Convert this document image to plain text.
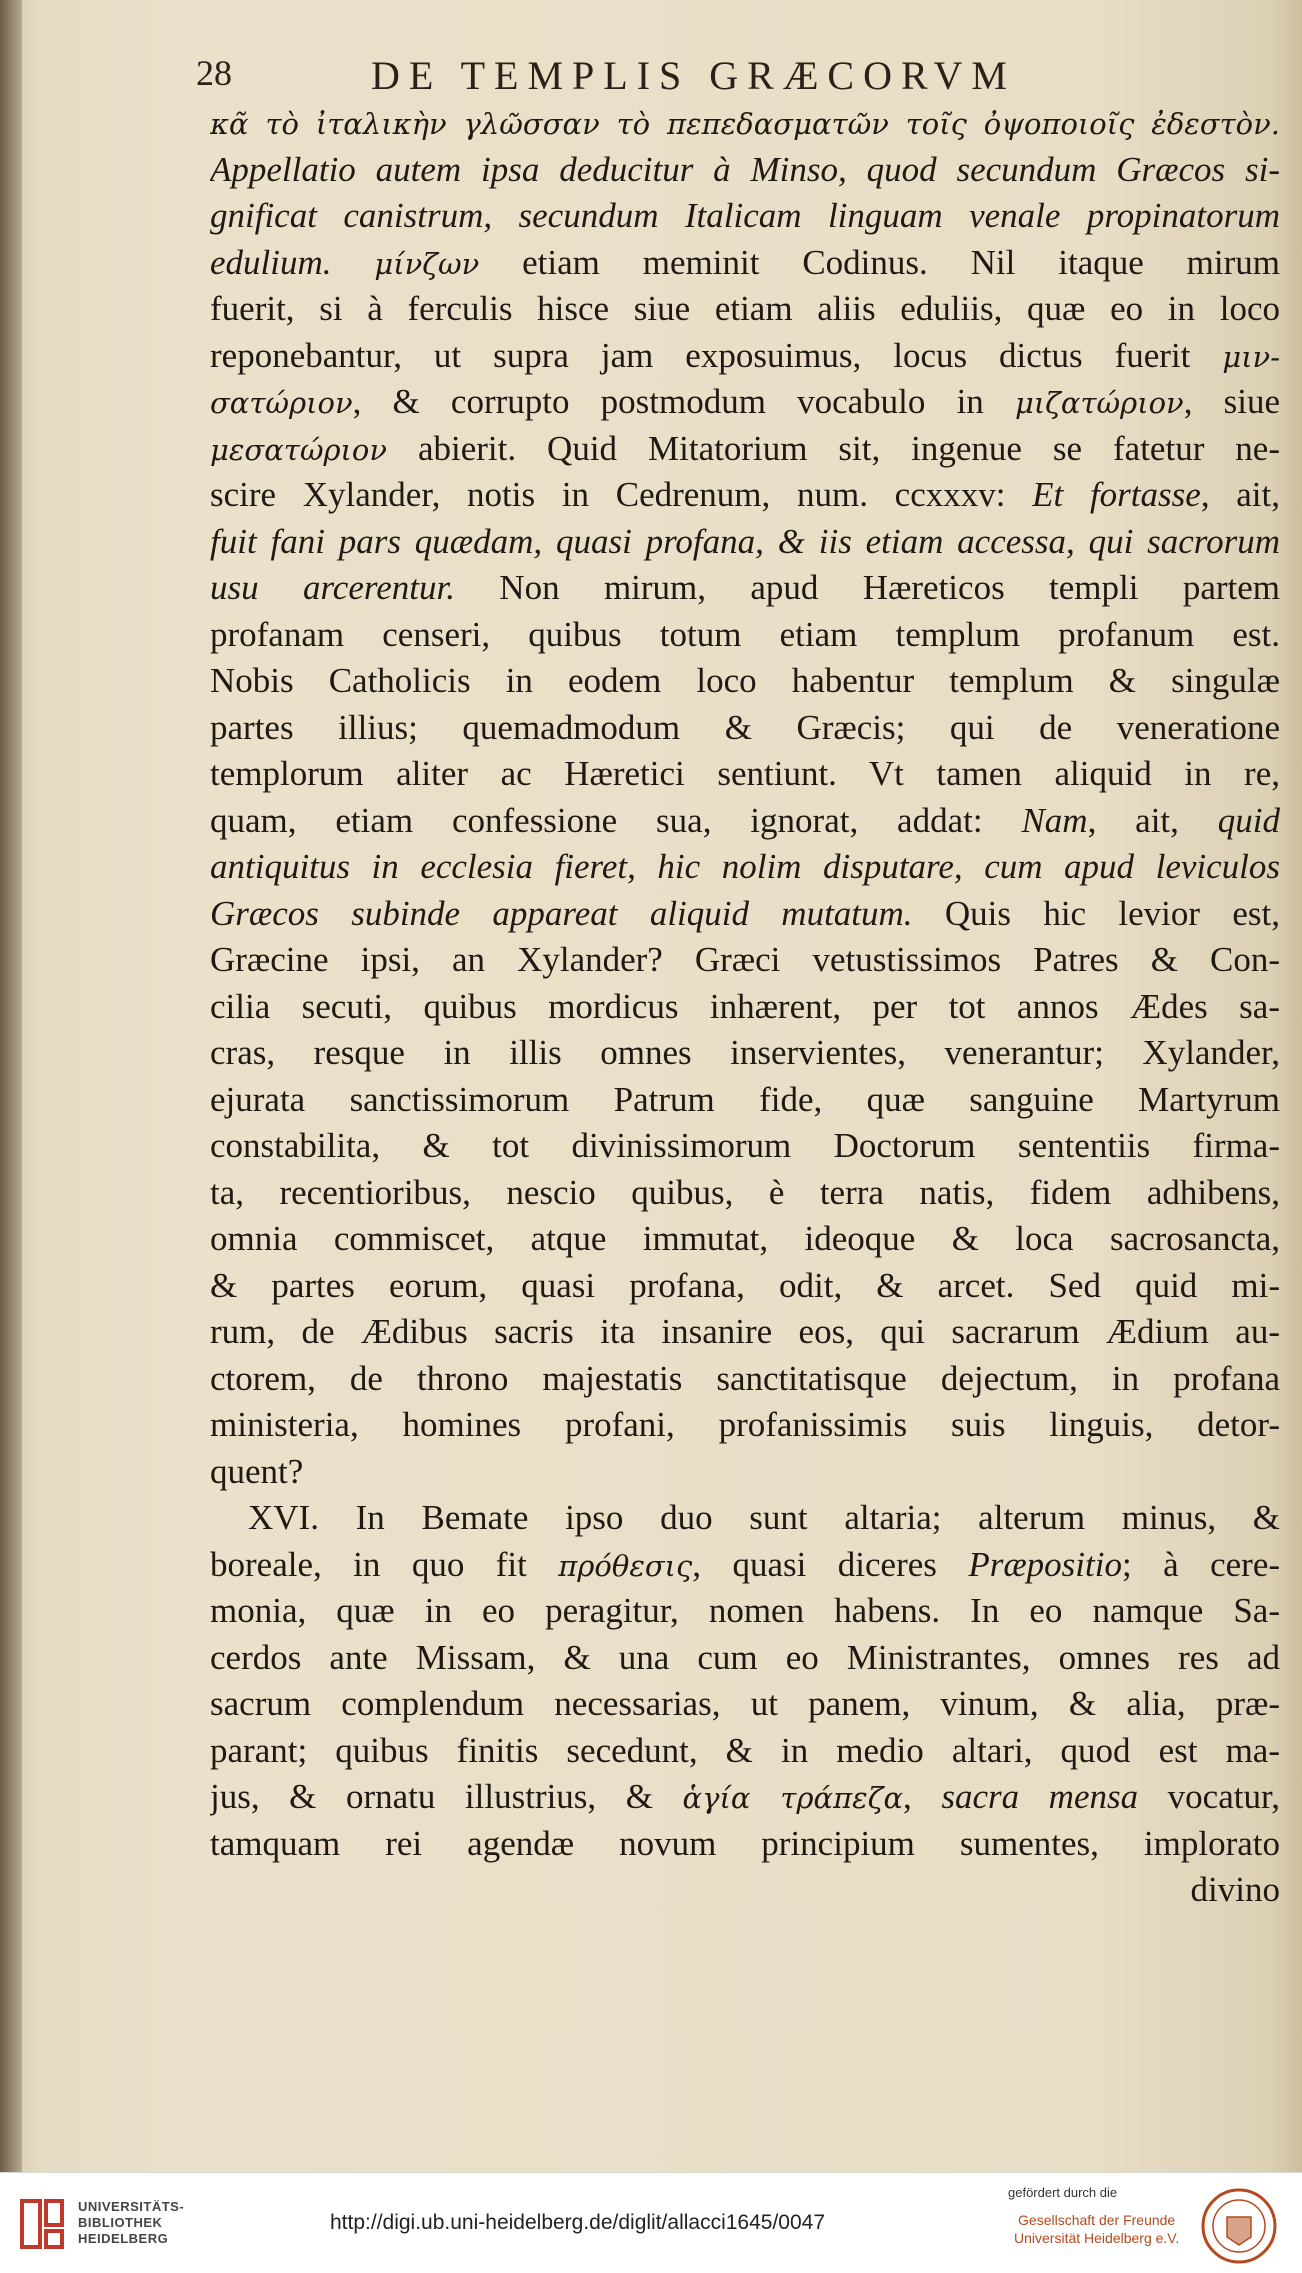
28	DE TEMPLIS GRÆCORVM
κᾶ τὸ ἰταλικὴν γλῶσσαν τὸ πεπεδασματῶν τοῖς ὀψοποιοῖς ἐδεστὸν.
Appellatio autem ipsa deducitur à Minso, quod secundum Græcos si-
gnificat canistrum, secundum Italicam linguam venale propinatorum
edulium. μίνζων etiam meminit Codinus. Nil itaque mirum
fuerit, si à ferculis hisce siue etiam aliis eduliis, quæ eo in loco
reponebantur, ut supra jam exposuimus, locus dictus fuerit μιν-
σατώριον, & corrupto postmodum vocabulo in μιζατώριον, siue
μεσατώριον abierit. Quid Mitatorium sit, ingenue se fatetur ne-
scire Xylander, notis in Cedrenum, num. ccxxxv: Et fortasse, ait,
fuit fani pars quædam, quasi profana, & iis etiam accessa, qui sacrorum
usu arcerentur. Non mirum, apud Hæreticos templi partem
profanam censeri, quibus totum etiam templum profanum est.
Nobis Catholicis in eodem loco habentur templum & singulæ
partes illius; quemadmodum & Græcis; qui de veneratione
templorum aliter ac Hæretici sentiunt. Vt tamen aliquid in re,
quam, etiam confessione sua, ignorat, addat: Nam, ait, quid
antiquitus in ecclesia fieret, hic nolim disputare, cum apud leviculos
Græcos subinde appareat aliquid mutatum. Quis hic levior est,
Græcine ipsi, an Xylander? Græci vetustissimos Patres & Con-
cilia secuti, quibus mordicus inhærent, per tot annos Ædes sa-
cras, resque in illis omnes inservientes, venerantur; Xylander,
ejurata sanctissimorum Patrum fide, quæ sanguine Martyrum
constabilita, & tot divinissimorum Doctorum sententiis firma-
ta, recentioribus, nescio quibus, è terra natis, fidem adhibens,
omnia commiscet, atque immutat, ideoque & loca sacrosancta,
& partes eorum, quasi profana, odit, & arcet. Sed quid mi-
rum, de Ædibus sacris ita insanire eos, qui sacrarum Ædium au-
ctorem, de throno majestatis sanctitatisque dejectum, in profana
ministeria, homines profani, profanissimis suis linguis, detor-
quent?
XVI. In Bemate ipso duo sunt altaria; alterum minus, &
boreale, in quo fit πρόθεσις, quasi diceres Præpositio; à cere-
monia, quæ in eo peragitur, nomen habens. In eo namque Sa-
cerdos ante Missam, & una cum eo Ministrantes, omnes res ad
sacrum complendum necessarias, ut panem, vinum, & alia, præ-
parant; quibus finitis secedunt, & in medio altari, quod est ma-
jus, & ornatu illustrius, & ἁγία τράπεζα, sacra mensa vocatur,
tamquam rei agendæ novum principium sumentes, implorato
divino
UNIVERSITÄTS-
BIBLIOTHEK
HEIDELBERG
http://digi.ub.uni-heidelberg.de/diglit/allacci1645/0047
gefördert durch die
Gesellschaft der Freunde
Universität Heidelberg e.V.
